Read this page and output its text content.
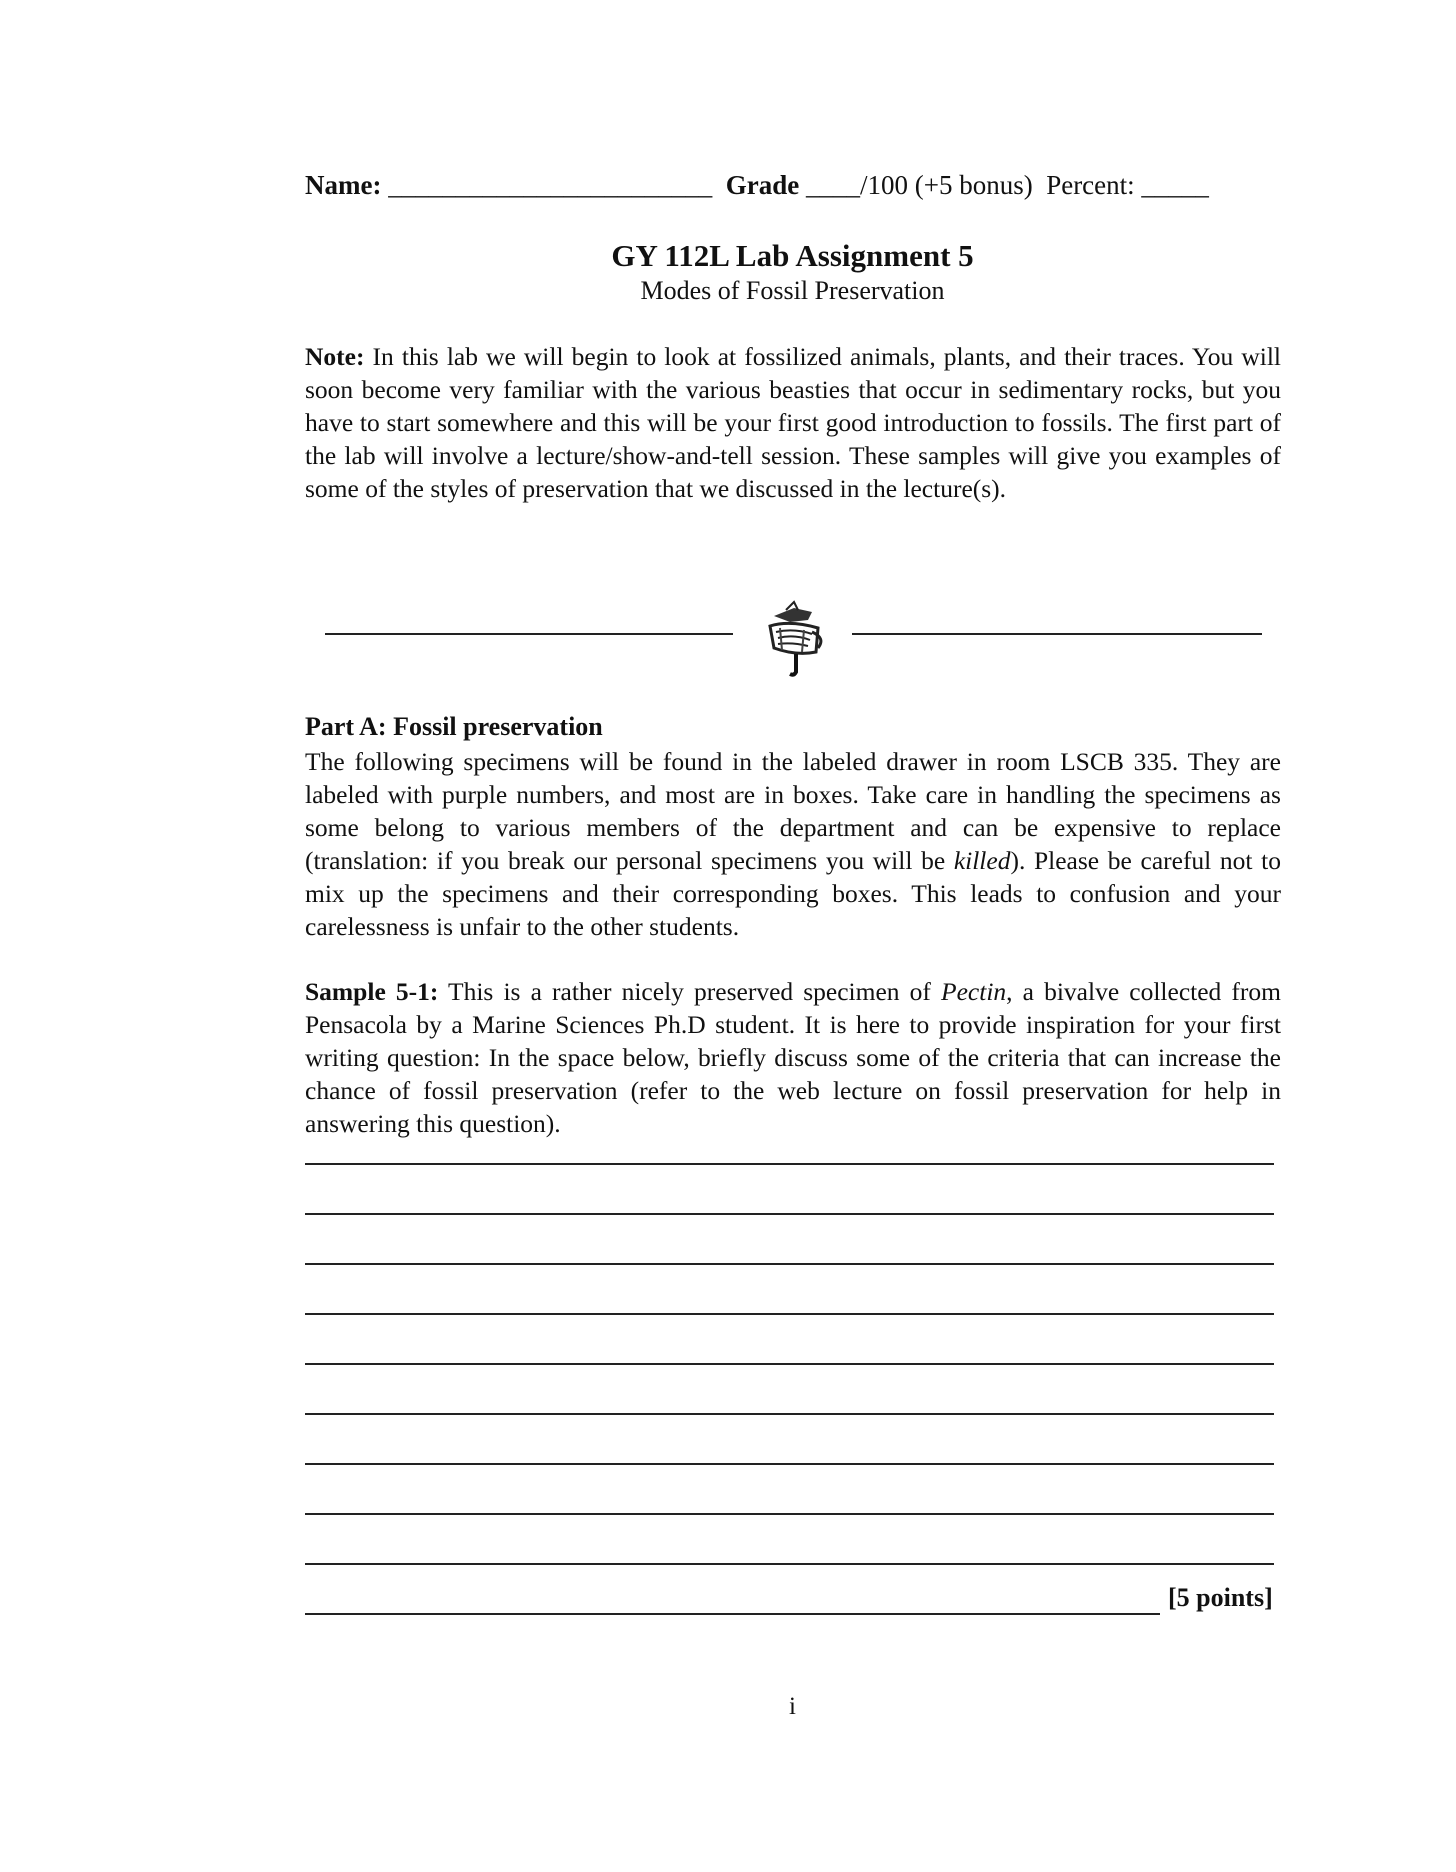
Name: ________________________ Grade ____/100 (+5 bonus) Percent: _____
GY 112L Lab Assignment 5
Modes of Fossil Preservation
Note: In this lab we will begin to look at fossilized animals, plants, and their traces. You will soon become very familiar with the various beasties that occur in sedimentary rocks, but you have to start somewhere and this will be your first good introduction to fossils. The first part of the lab will involve a lecture/show-and-tell session. These samples will give you examples of some of the styles of preservation that we discussed in the lecture(s).
Part A: Fossil preservation
The following specimens will be found in the labeled drawer in room LSCB 335. They are labeled with purple numbers, and most are in boxes. Take care in handling the specimens as some belong to various members of the department and can be expensive to replace (translation: if you break our personal specimens you will be killed). Please be careful not to mix up the specimens and their corresponding boxes. This leads to confusion and your carelessness is unfair to the other students.
Sample 5-1: This is a rather nicely preserved specimen of Pectin, a bivalve collected from Pensacola by a Marine Sciences Ph.D student. It is here to provide inspiration for your first writing question: In the space below, briefly discuss some of the criteria that can increase the chance of fossil preservation (refer to the web lecture on fossil preservation for help in answering this question).
[5 points]
i
